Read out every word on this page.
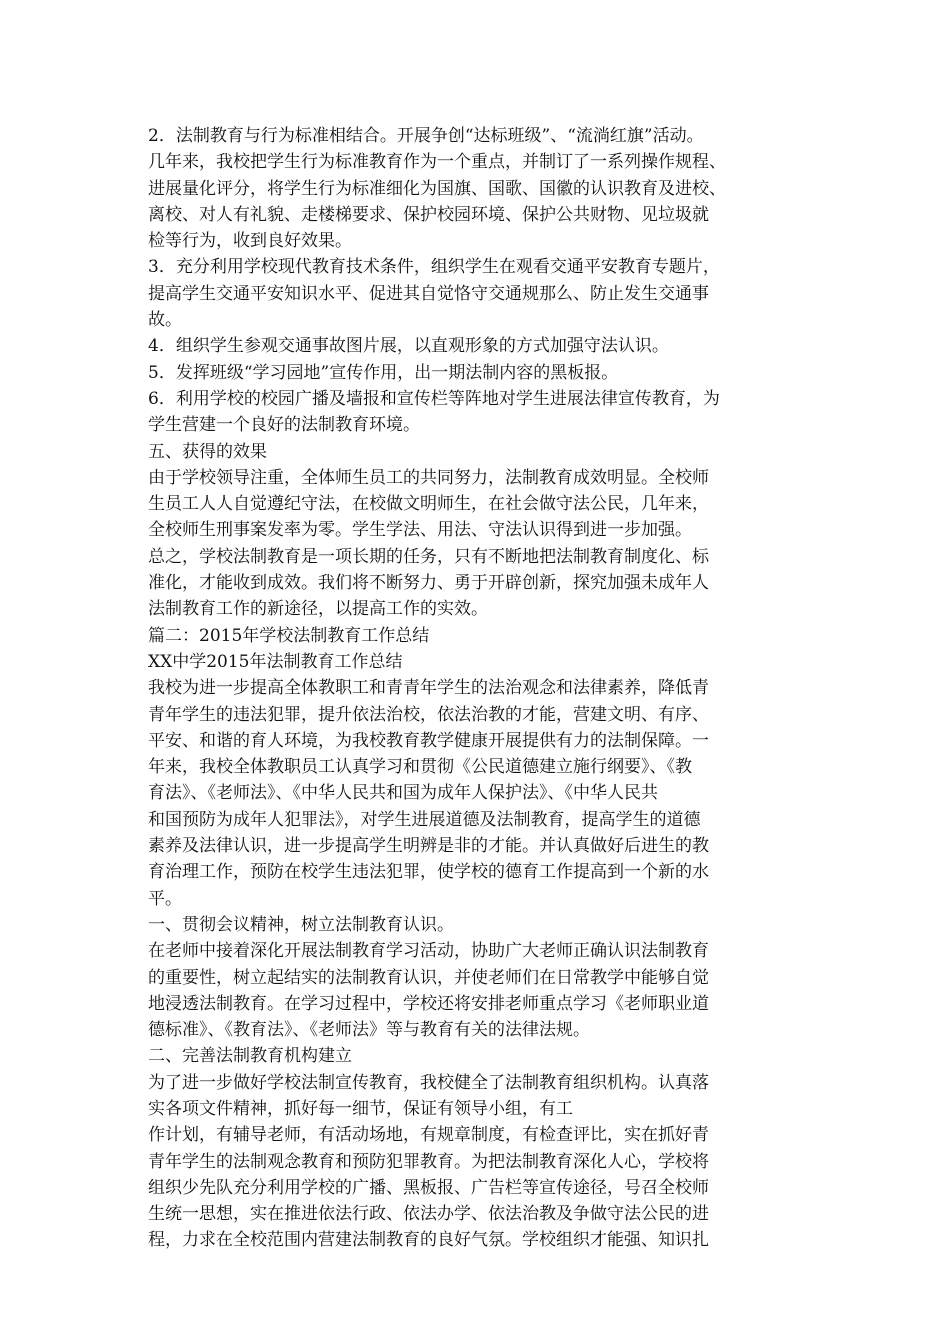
2．法制教育与行为标准相结合。开展争创“达标班级”、“流淌红旗”活动。
几年来，我校把学生行为标准教育作为一个重点，并制订了一系列操作规程、
进展量化评分，将学生行为标准细化为国旗、国歌、国徽的认识教育及进校、
离校、对人有礼貌、走楼梯要求、保护校园环境、保护公共财物、见垃圾就
检等行为，收到良好效果。
3．充分利用学校现代教育技术条件，组织学生在观看交通平安教育专题片，
提高学生交通平安知识水平、促进其自觉恪守交通规那么、防止发生交通事
故。
4．组织学生参观交通事故图片展，以直观形象的方式加强守法认识。
5．发挥班级“学习园地”宣传作用，出一期法制内容的黑板报。
6．利用学校的校园广播及墙报和宣传栏等阵地对学生进展法律宣传教育，为
学生营建一个良好的法制教育环境。
五、获得的效果
由于学校领导注重，全体师生员工的共同努力，法制教育成效明显。全校师
生员工人人自觉遵纪守法，在校做文明师生，在社会做守法公民，几年来，
全校师生刑事案发率为零。学生学法、用法、守法认识得到进一步加强。
总之，学校法制教育是一项长期的任务，只有不断地把法制教育制度化、标
准化，才能收到成效。我们将不断努力、勇于开辟创新，探究加强未成年人
法制教育工作的新途径，以提高工作的实效。
篇二：2015年学校法制教育工作总结
XX中学2015年法制教育工作总结
我校为进一步提高全体教职工和青青年学生的法治观念和法律素养，降低青
青年学生的违法犯罪，提升依法治校，依法治教的才能，营建文明、有序、
平安、和谐的育人环境，为我校教育教学健康开展提供有力的法制保障。一
年来，我校全体教职员工认真学习和贯彻《公民道德建立施行纲要》、《教
育法》、《老师法》、《中华人民共和国为成年人保护法》、《中华人民共
和国预防为成年人犯罪法》，对学生进展道德及法制教育，提高学生的道德
素养及法律认识，进一步提高学生明辨是非的才能。并认真做好后进生的教
育治理工作，预防在校学生违法犯罪，使学校的德育工作提高到一个新的水
平。
一、贯彻会议精神，树立法制教育认识。
在老师中接着深化开展法制教育学习活动，协助广大老师正确认识法制教育
的重要性，树立起结实的法制教育认识，并使老师们在日常教学中能够自觉
地浸透法制教育。在学习过程中，学校还将安排老师重点学习《老师职业道
德标准》、《教育法》、《老师法》等与教育有关的法律法规。
二、完善法制教育机构建立
为了进一步做好学校法制宣传教育，我校健全了法制教育组织机构。认真落
实各项文件精神，抓好每一细节，保证有领导小组，有工
作计划，有辅导老师，有活动场地，有规章制度，有检查评比，实在抓好青
青年学生的法制观念教育和预防犯罪教育。为把法制教育深化人心，学校将
组织少先队充分利用学校的广播、黑板报、广告栏等宣传途径，号召全校师
生统一思想，实在推进依法行政、依法办学、依法治教及争做守法公民的进
程，力求在全校范围内营建法制教育的良好气氛。学校组织才能强、知识扎
